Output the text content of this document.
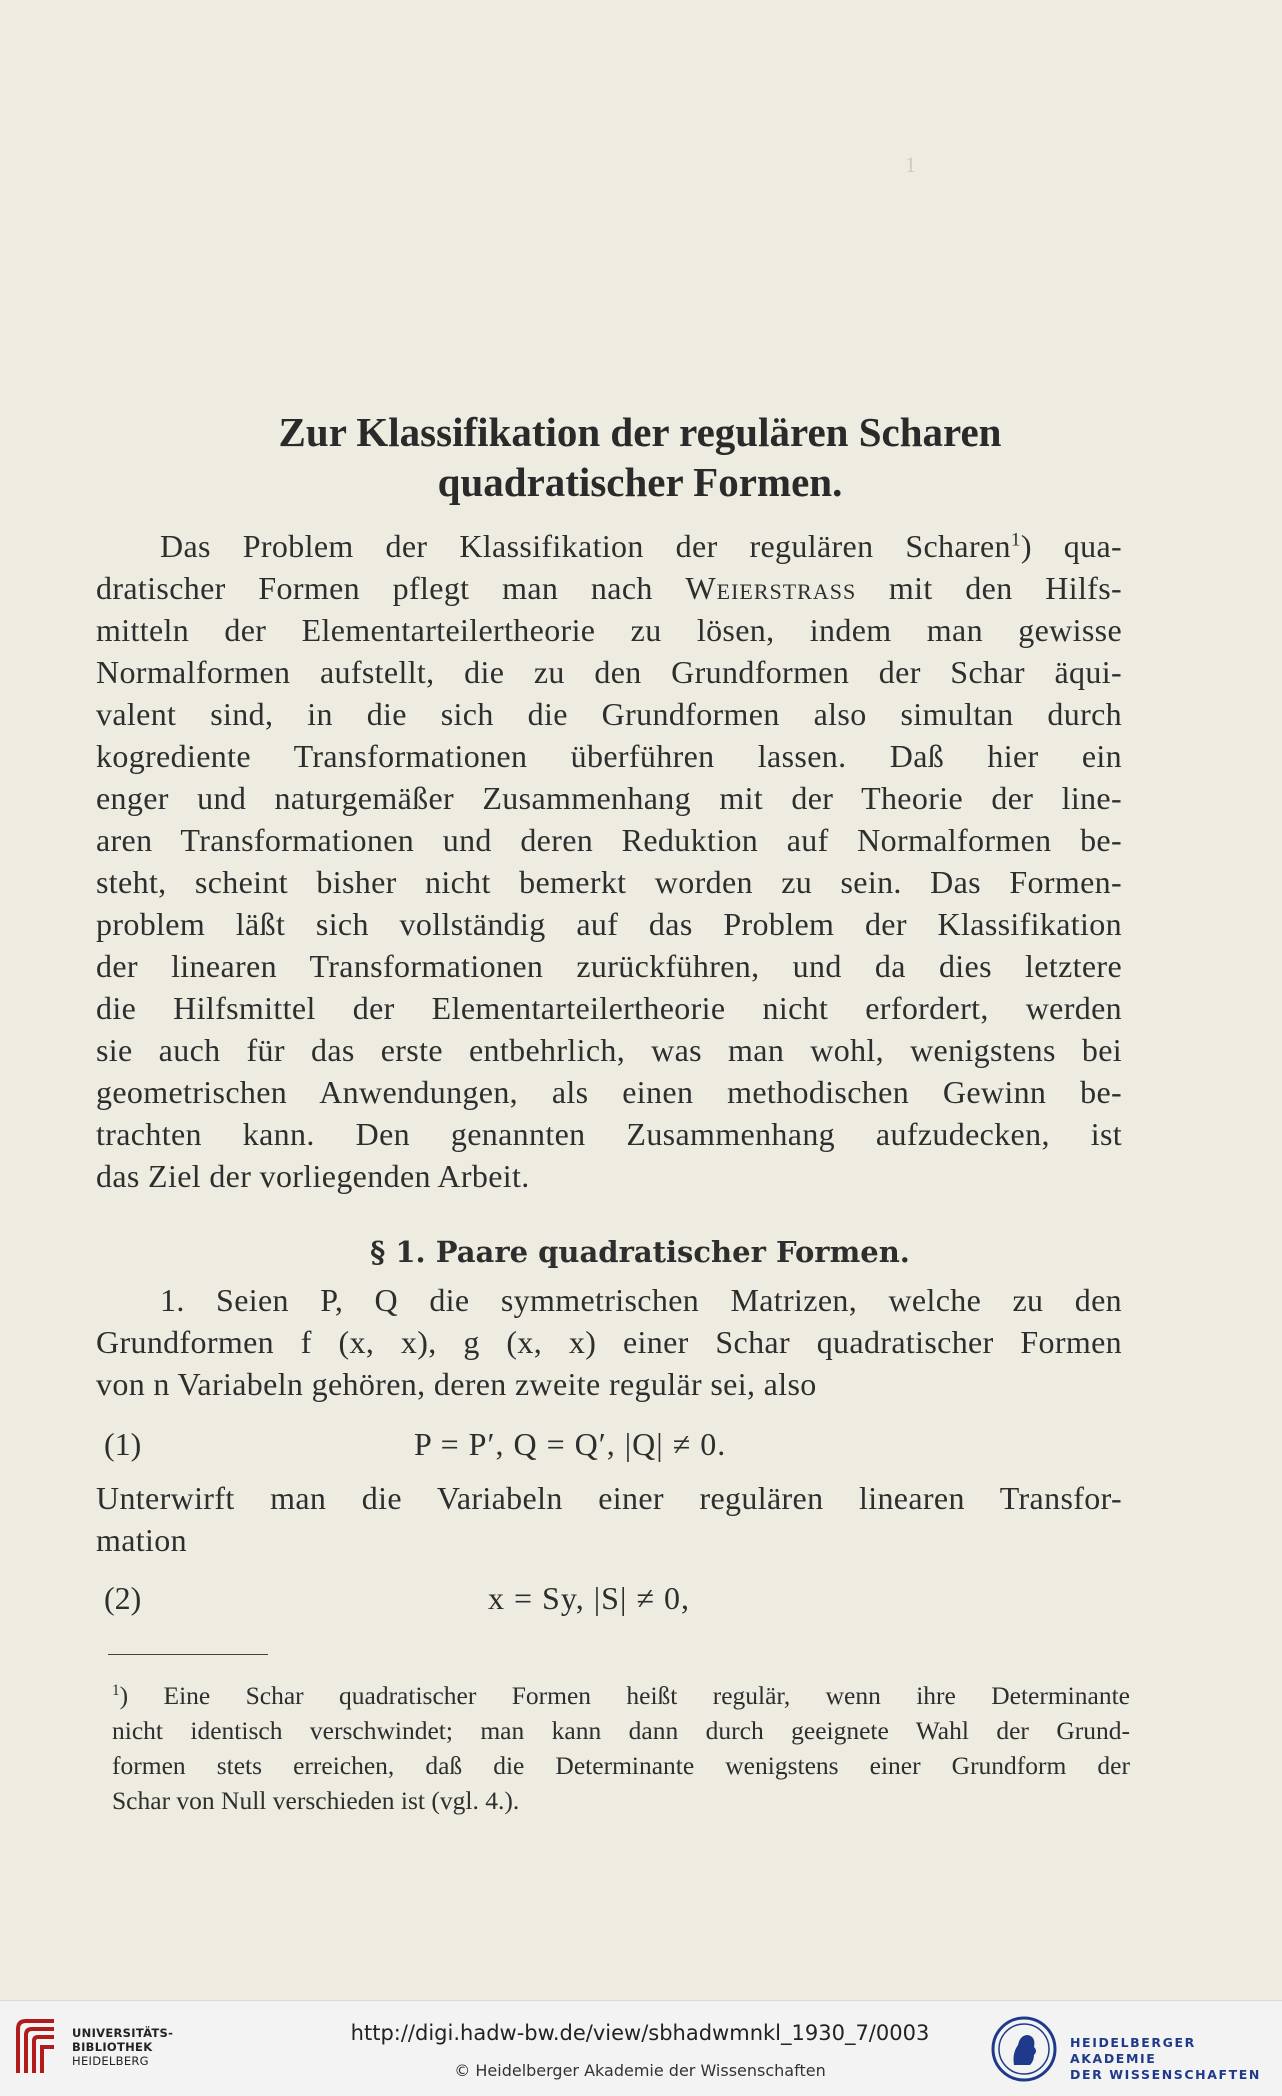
1
Zur Klassifikation der regulären Scharen
quadratischer Formen.
Das Problem der Klassifikation der regulären Scharen$^1$) qua-
dratischer Formen pflegt man nach Weierstrass mit den Hilfs-
mitteln der Elementarteilertheorie zu lösen, indem man gewisse
Normalformen aufstellt, die zu den Grundformen der Schar äqui-
valent sind, in die sich die Grundformen also simultan durch
kogrediente Transformationen überführen lassen. Daß hier ein
enger und naturgemäßer Zusammenhang mit der Theorie der line-
aren Transformationen und deren Reduktion auf Normalformen be-
steht, scheint bisher nicht bemerkt worden zu sein. Das Formen-
problem läßt sich vollständig auf das Problem der Klassifikation
der linearen Transformationen zurückführen, und da dies letztere
die Hilfsmittel der Elementarteilertheorie nicht erfordert, werden
sie auch für das erste entbehrlich, was man wohl, wenigstens bei
geometrischen Anwendungen, als einen methodischen Gewinn be-
trachten kann. Den genannten Zusammenhang aufzudecken, ist
das Ziel der vorliegenden Arbeit.
§ 1. Paare quadratischer Formen.
1. Seien P, Q die symmetrischen Matrizen, welche zu den
Grundformen f (x, x), g (x, x) einer Schar quadratischer Formen
von n Variabeln gehören, deren zweite regulär sei, also
(1)	P = P′, Q = Q′, |Q| ≠ 0.
Unterwirft man die Variabeln einer regulären linearen Transfor-
mation
(2)	x = Sy, |S| ≠ 0,
$^1$) Eine Schar quadratischer Formen heißt regulär, wenn ihre Determinante
nicht identisch verschwindet; man kann dann durch geeignete Wahl der Grund-
formen stets erreichen, daß die Determinante wenigstens einer Grundform der
Schar von Null verschieden ist (vgl. 4.).
UNIVERSITÄTS-
BIBLIOTHEK
HEIDELBERG
http://digi.hadw-bw.de/view/sbhadwmnkl_1930_7/0003
© Heidelberger Akademie der Wissenschaften
HEIDELBERGER AKADEMIE
DER WISSENSCHAFTEN
